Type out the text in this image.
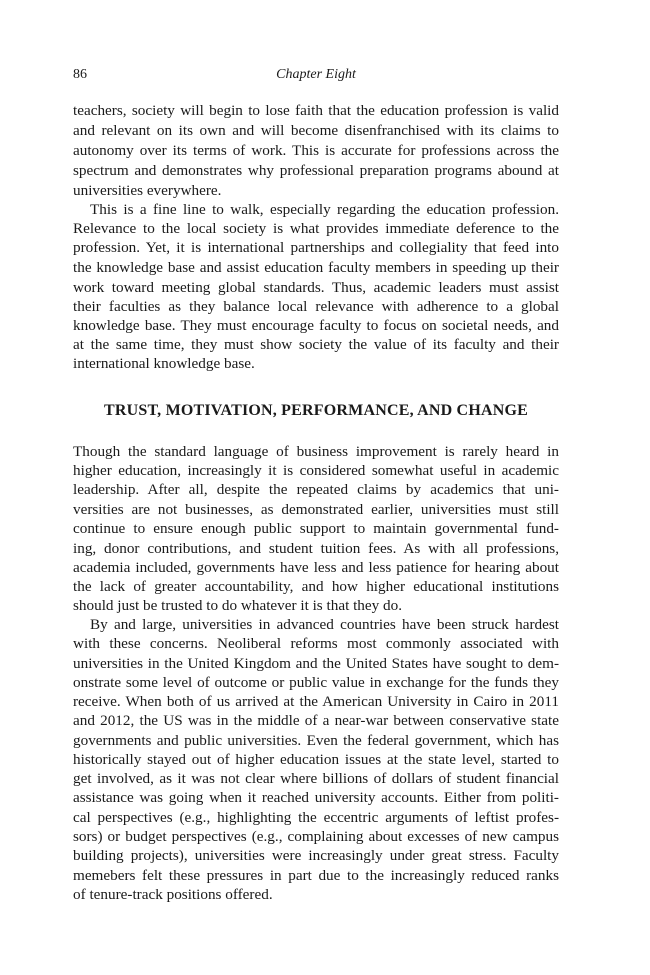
86	Chapter Eight
teachers, society will begin to lose faith that the education profession is valid
and relevant on its own and will become disenfranchised with its claims to
autonomy over its terms of work. This is accurate for professions across the
spectrum and demonstrates why professional preparation programs abound at
universities everywhere.
This is a fine line to walk, especially regarding the education profession.
Relevance to the local society is what provides immediate deference to the
profession. Yet, it is international partnerships and collegiality that feed into
the knowledge base and assist education faculty members in speeding up their
work toward meeting global standards. Thus, academic leaders must assist
their faculties as they balance local relevance with adherence to a global
knowledge base. They must encourage faculty to focus on societal needs, and
at the same time, they must show society the value of its faculty and their
international knowledge base.
TRUST, MOTIVATION, PERFORMANCE, AND CHANGE
Though the standard language of business improvement is rarely heard in
higher education, increasingly it is considered somewhat useful in academic
leadership. After all, despite the repeated claims by academics that uni-
versities are not businesses, as demonstrated earlier, universities must still
continue to ensure enough public support to maintain governmental fund-
ing, donor contributions, and student tuition fees. As with all professions,
academia included, governments have less and less patience for hearing about
the lack of greater accountability, and how higher educational institutions
should just be trusted to do whatever it is that they do.
By and large, universities in advanced countries have been struck hardest
with these concerns. Neoliberal reforms most commonly associated with
universities in the United Kingdom and the United States have sought to dem-
onstrate some level of outcome or public value in exchange for the funds they
receive. When both of us arrived at the American University in Cairo in 2011
and 2012, the US was in the middle of a near-war between conservative state
governments and public universities. Even the federal government, which has
historically stayed out of higher education issues at the state level, started to
get involved, as it was not clear where billions of dollars of student financial
assistance was going when it reached university accounts. Either from politi-
cal perspectives (e.g., highlighting the eccentric arguments of leftist profes-
sors) or budget perspectives (e.g., complaining about excesses of new campus
building projects), universities were increasingly under great stress. Faculty
memebers felt these pressures in part due to the increasingly reduced ranks
of tenure-track positions offered.
